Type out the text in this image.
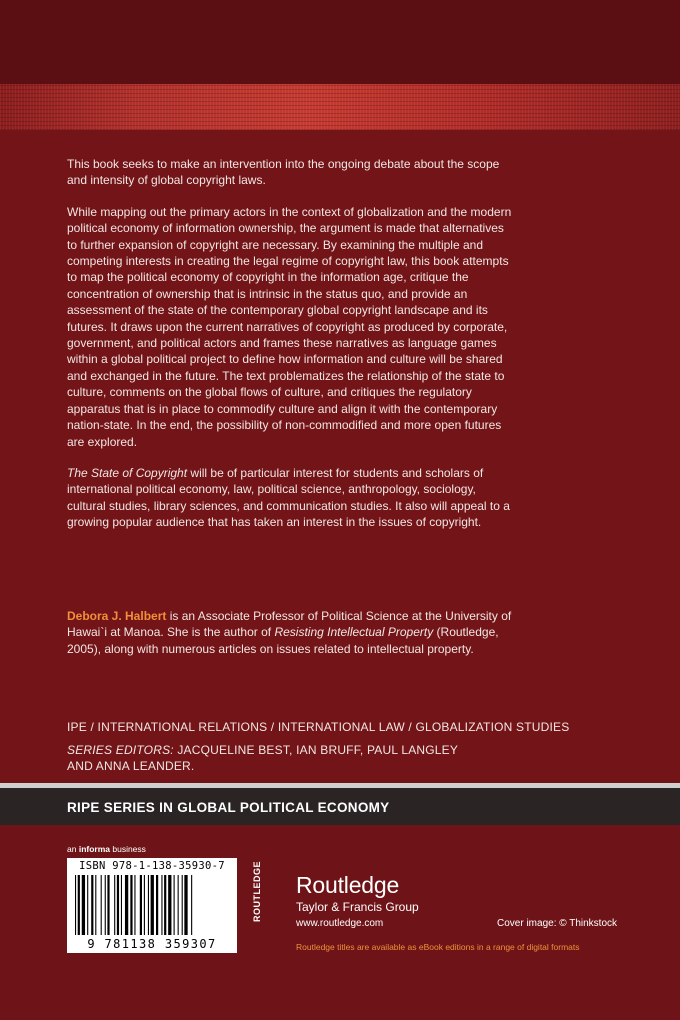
This book seeks to make an intervention into the ongoing debate about the scope and intensity of global copyright laws.

While mapping out the primary actors in the context of globalization and the modern political economy of information ownership, the argument is made that alternatives to further expansion of copyright are necessary. By examining the multiple and competing interests in creating the legal regime of copyright law, this book attempts to map the political economy of copyright in the information age, critique the concentration of ownership that is intrinsic in the status quo, and provide an assessment of the state of the contemporary global copyright landscape and its futures. It draws upon the current narratives of copyright as produced by corporate, government, and political actors and frames these narratives as language games within a global political project to define how information and culture will be shared and exchanged in the future. The text problematizes the relationship of the state to culture, comments on the global flows of culture, and critiques the regulatory apparatus that is in place to commodify culture and align it with the contemporary nation-state. In the end, the possibility of non-commodified and more open futures are explored.

The State of Copyright will be of particular interest for students and scholars of international political economy, law, political science, anthropology, sociology, cultural studies, library sciences, and communication studies. It also will appeal to a growing popular audience that has taken an interest in the issues of copyright.

Debora J. Halbert is an Associate Professor of Political Science at the University of Hawai`i at Manoa. She is the author of Resisting Intellectual Property (Routledge, 2005), along with numerous articles on issues related to intellectual property.
IPE / INTERNATIONAL RELATIONS / INTERNATIONAL LAW / GLOBALIZATION STUDIES
SERIES EDITORS: JACQUELINE BEST, IAN BRUFF, PAUL LANGLEY AND ANNA LEANDER.
RIPE SERIES IN GLOBAL POLITICAL ECONOMY
an informa business
ISBN 978-1-138-35930-7
9 781138 359307
ROUTLEDGE	Routledge
Taylor & Francis Group
www.routledge.com	Cover image: © Thinkstock
Routledge titles are available as eBook editions in a range of digital formats
